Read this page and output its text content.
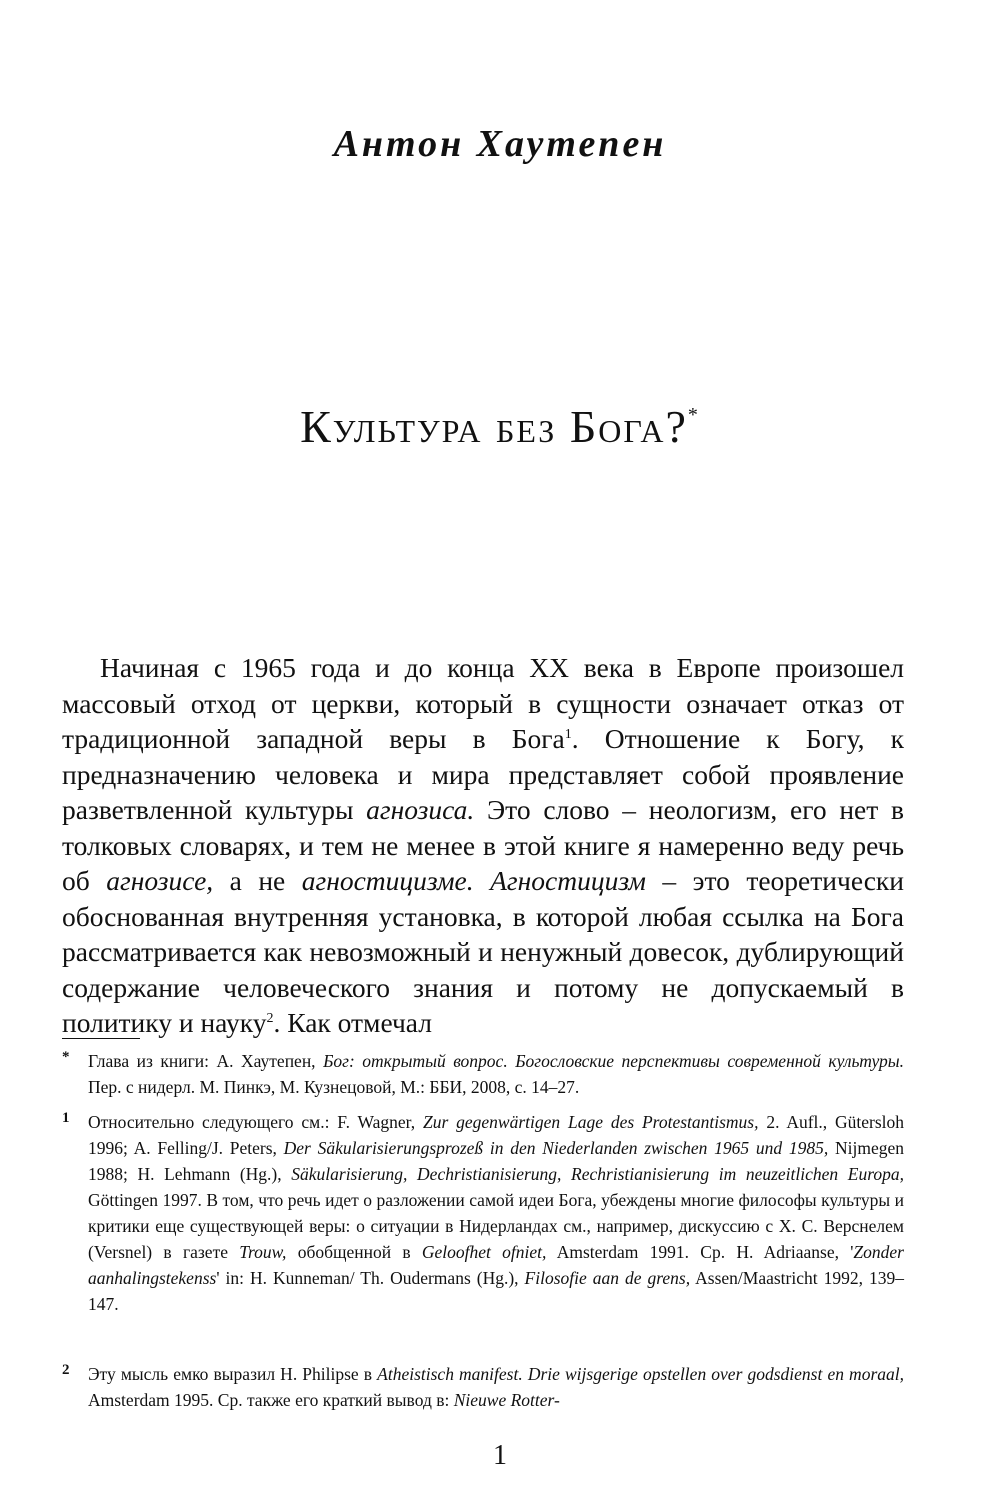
Антон Хаутепен
Культура без Бога?*

Начиная с 1965 года и до конца XX века в Европе произошел массовый отход от церкви, который в сущности означает отказ от традиционной западной веры в Бога$^1$. Отношение к Богу, к предназначению человека и мира представляет собой проявление разветвленной культуры агнозиса. Это слово – неологизм, его нет в толковых словарях, и тем не менее в этой книге я намеренно веду речь об агнозисе, а не агностицизме. Агностицизм – это теоретически обоснованная внутренняя установка, в которой любая ссылка на Бога рассматривается как невозможный и ненужный довесок, дублирующий содержание человеческого знания и потому не допускаемый в политику и науку$^2$. Как отмечал

* Глава из книги: А. Хаутепен, Бог: открытый вопрос. Богословские перспективы современной культуры. Пер. с нидерл. М. Пинкэ, М. Кузнецовой, М.: ББИ, 2008, с. 14–27.
1 Относительно следующего см.: F. Wagner, Zur gegenwärtigen Lage des Protestantismus, 2. Aufl., Gütersloh 1996; A. Felling/J. Peters, Der Säkularisierungsprozeß in den Niederlanden zwischen 1965 und 1985, Nijmegen 1988; H. Lehmann (Hg.), Säkularisierung, Dechristianisierung, Rechristianisierung im neuzeitlichen Europa, Göttingen 1997. В том, что речь идет о разложении самой идеи Бога, убеждены многие философы культуры и критики еще существующей веры: о ситуации в Нидерландах см., например, дискуссию с Х. С. Верснелем (Versnel) в газете Trouw, обобщенной в Geloofhet ofniet, Amsterdam 1991. Ср. H. Adriaanse, 'Zonder aanhalingstekenss' in: H. Kunneman/ Th. Oudermans (Hg.), Filosofie aan de grens, Assen/Maastricht 1992, 139–147.
2 Эту мысль емко выразил H. Philipse в Atheistisch manifest. Drie wijsgerige opstellen over godsdienst en moraal, Amsterdam 1995. Ср. также его краткий вывод в: Nieuwe Rotter-
1
